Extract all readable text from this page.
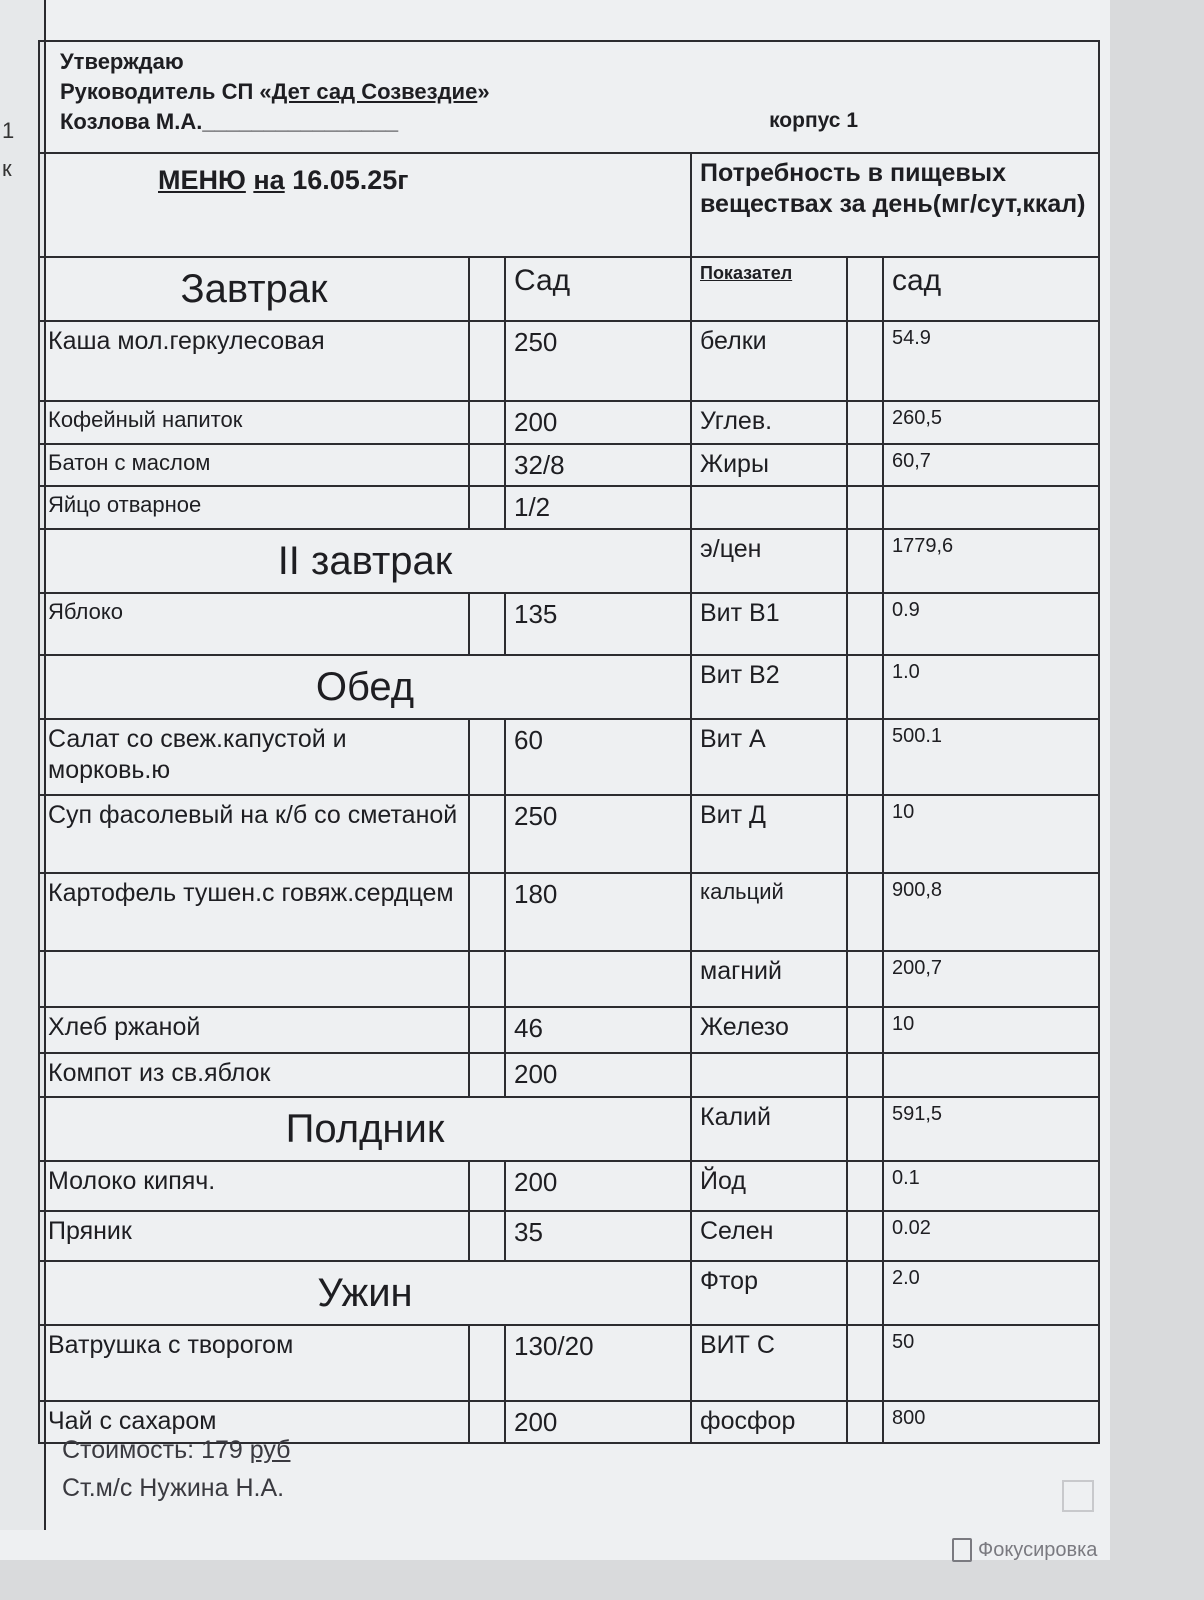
1
к
Утверждаю
Руководитель СП «Дет сад Созвездие»
Козлова М.А.________________ корпус 1					

МЕНЮ на 16.05.25г			Потребность в пищевых
веществах за день(мг/сут,ккал)		

Завтрак		Сад	Показател		сад
Каша мол.геркулесовая		250	белки		54.9
Кофейный напиток		200	Углев.		260,5
Батон с маслом		32/8	Жиры		60,7
Яйцо отварное		1/2			
II завтрак			э/цен		1779,6
Яблоко		135	Вит В1		0.9
Обед			Вит В2		1.0
Салат со свеж.капустой и морковь.ю		60	Вит А		500.1
Суп фасолевый на к/б со сметаной		250	Вит Д		10
Картофель тушен.с говяж.сердцем		180	кальций		900,8
			магний		200,7
Хлеб ржаной		46	Железо		10
Компот из св.яблок		200			
Полдник			Калий		591,5
Молоко кипяч.		200	Йод		0.1
Пряник		35	Селен		0.02
Ужин			Фтор		2.0
Ватрушка с творогом		130/20	ВИТ С		50
Чай с сахаром		200	фосфор		800
Стоимость: 179 руб
Ст.м/с Нужина Н.А.
Фокусировка
